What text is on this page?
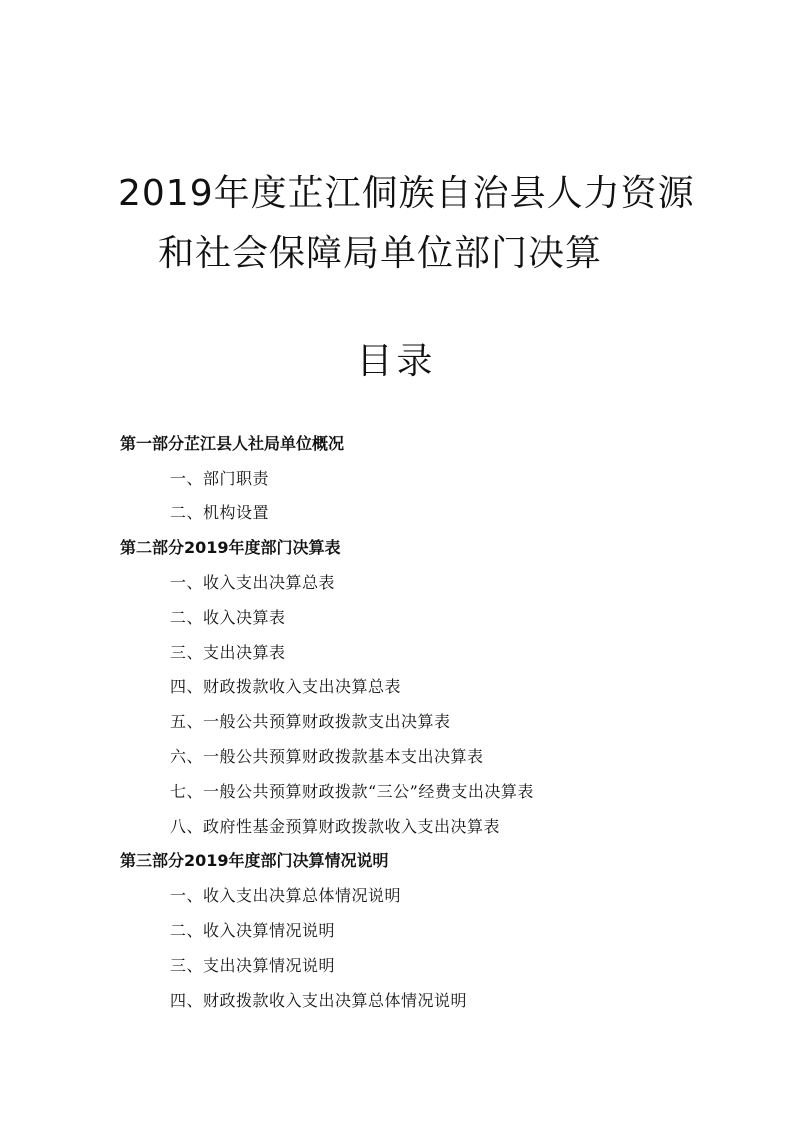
2019年度芷江侗族自治县人力资源
和社会保障局单位部门决算
目录
第一部分芷江县人社局单位概况
一、部门职责
二、机构设置
第二部分2019年度部门决算表
一、收入支出决算总表
二、收入决算表
三、支出决算表
四、财政拨款收入支出决算总表
五、一般公共预算财政拨款支出决算表
六、一般公共预算财政拨款基本支出决算表
七、一般公共预算财政拨款“三公”经费支出决算表
八、政府性基金预算财政拨款收入支出决算表
第三部分2019年度部门决算情况说明
一、收入支出决算总体情况说明
二、收入决算情况说明
三、支出决算情况说明
四、财政拨款收入支出决算总体情况说明
